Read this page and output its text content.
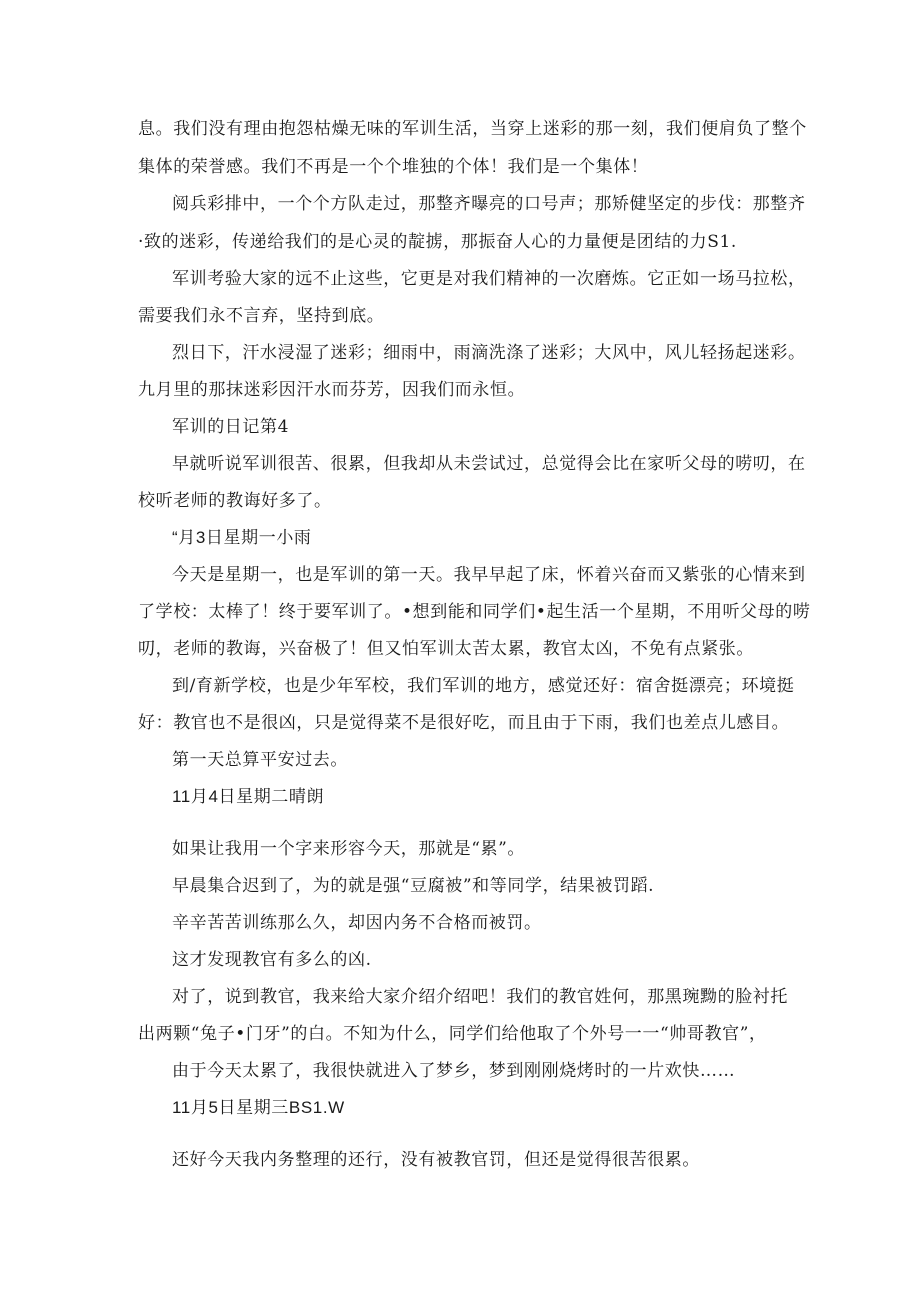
息。我们没有理由抱怨枯燥无味的军训生活，当穿上迷彩的那一刻，我们便肩负了整个
集体的荣誉感。我们不再是一个个堆独的个体！我们是一个集体！
阅兵彩排中，一个个方队走过，那整齐曝亮的口号声；那矫健坚定的步伐：那整齐
·致的迷彩，传递给我们的是心灵的靛掳，那振奋人心的力量便是团结的力S1.
军训考验大家的远不止这些，它更是对我们精神的一次磨炼。它正如一场马拉松，
需要我们永不言弃，坚持到底。
烈日下，汗水浸湿了迷彩；细雨中，雨滴洗涤了迷彩；大风中，风儿轻扬起迷彩。
九月里的那抹迷彩因汗水而芬芳，因我们而永恒。
军训的日记第4
早就听说军训很苦、很累，但我却从未尝试过，总觉得会比在家听父母的唠叨，在
校听老师的教诲好多了。
“月3日星期一小雨
今天是星期一，也是军训的第一天。我早早起了床，怀着兴奋而又紫张的心情来到
了学校：太棒了！终于要军训了。•想到能和同学们•起生活一个星期，不用听父母的唠
叨，老师的教诲，兴奋极了！但又怕军训太苦太累，教官太凶，不免有点紧张。
到/育新学校，也是少年军校，我们军训的地方，感觉还好：宿舍挺漂亮；环境挺
好：教官也不是很凶，只是觉得菜不是很好吃，而且由于下雨，我们也差点儿感目。
第一天总算平安过去。
11月4日星期二晴朗
如果让我用一个字来形容今天，那就是“累”。
早晨集合迟到了，为的就是强“豆腐被”和等同学，结果被罚蹈.
辛辛苦苦训练那么久，却因内务不合格而被罚。
这才发现教官有多么的凶.
对了，说到教官，我来给大家介绍介绍吧！我们的教官姓何，那黑琬黝的脸衬托
出两颗“兔子•门牙”的白。不知为什么，同学们给他取了个外号一一“帅哥教官”，
由于今天太累了，我很快就进入了梦乡，梦到刚刚烧烤时的一片欢快……
11月5日星期三BS1.W
还好今天我内务整理的还行，没有被教官罚，但还是觉得很苦很累。
